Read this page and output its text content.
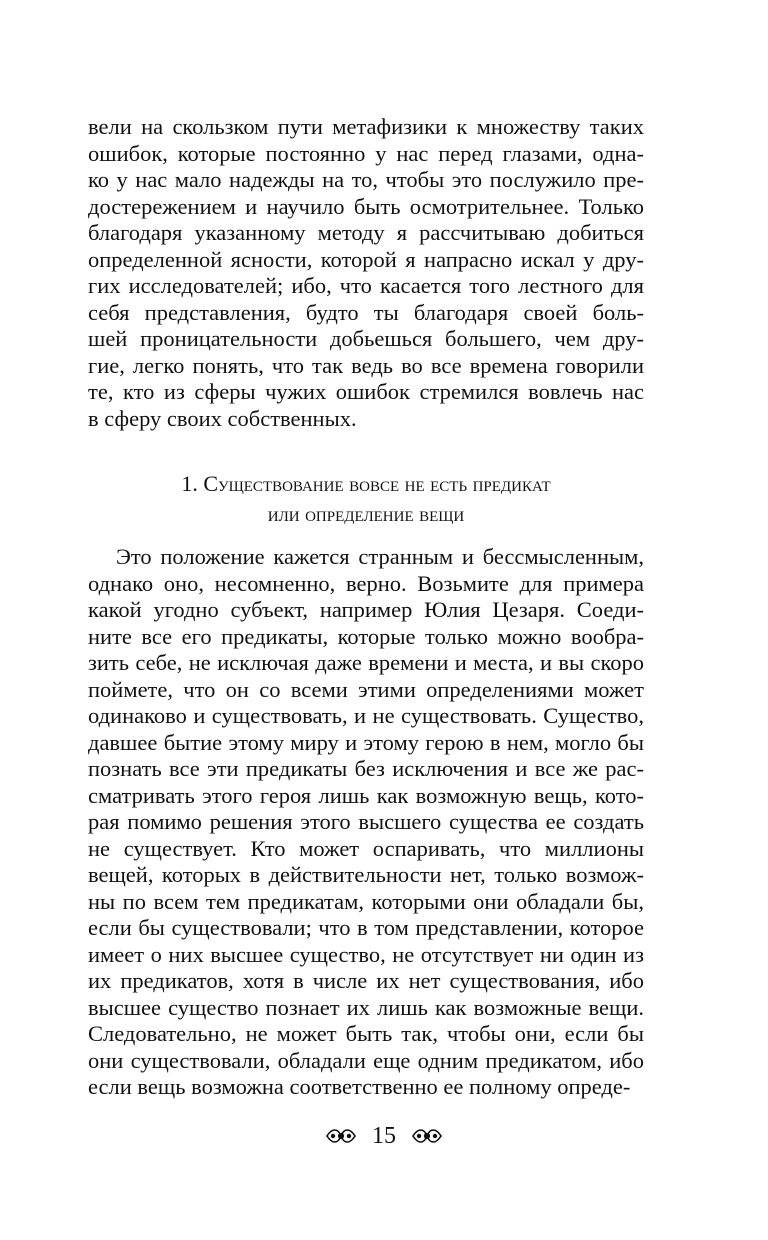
вели на скользком пути метафизики к множеству таких
ошибок, которые постоянно у нас перед глазами, одна-
ко у нас мало надежды на то, чтобы это послужило пре-
достережением и научило быть осмотрительнее. Только
благодаря указанному методу я рассчитываю добиться
определенной ясности, которой я напрасно искал у дру-
гих исследователей; ибо, что касается того лестного для
себя представления, будто ты благодаря своей боль-
шей проницательности добьешься большего, чем дру-
гие, легко понять, что так ведь во все времена говорили
те, кто из сферы чужих ошибок стремился вовлечь нас
в сферу своих собственных.
1. Существование вовсе не есть предикат
или определение вещи
Это положение кажется странным и бессмысленным,
однако оно, несомненно, верно. Возьмите для примера
какой угодно субъект, например Юлия Цезаря. Соеди-
ните все его предикаты, которые только можно вообра-
зить себе, не исключая даже времени и места, и вы скоро
поймете, что он со всеми этими определениями может
одинаково и существовать, и не существовать. Существо,
давшее бытие этому миру и этому герою в нем, могло бы
познать все эти предикаты без исключения и все же рас-
сматривать этого героя лишь как возможную вещь, кото-
рая помимо решения этого высшего существа ее создать
не существует. Кто может оспаривать, что миллионы
вещей, которых в действительности нет, только возмож-
ны по всем тем предикатам, которыми они обладали бы,
если бы существовали; что в том представлении, которое
имеет о них высшее существо, не отсутствует ни один из
их предикатов, хотя в числе их нет существования, ибо
высшее существо познает их лишь как возможные вещи.
Следовательно, не может быть так, чтобы они, если бы
они существовали, обладали еще одним предикатом, ибо
если вещь возможна соответственно ее полному опреде-
15
